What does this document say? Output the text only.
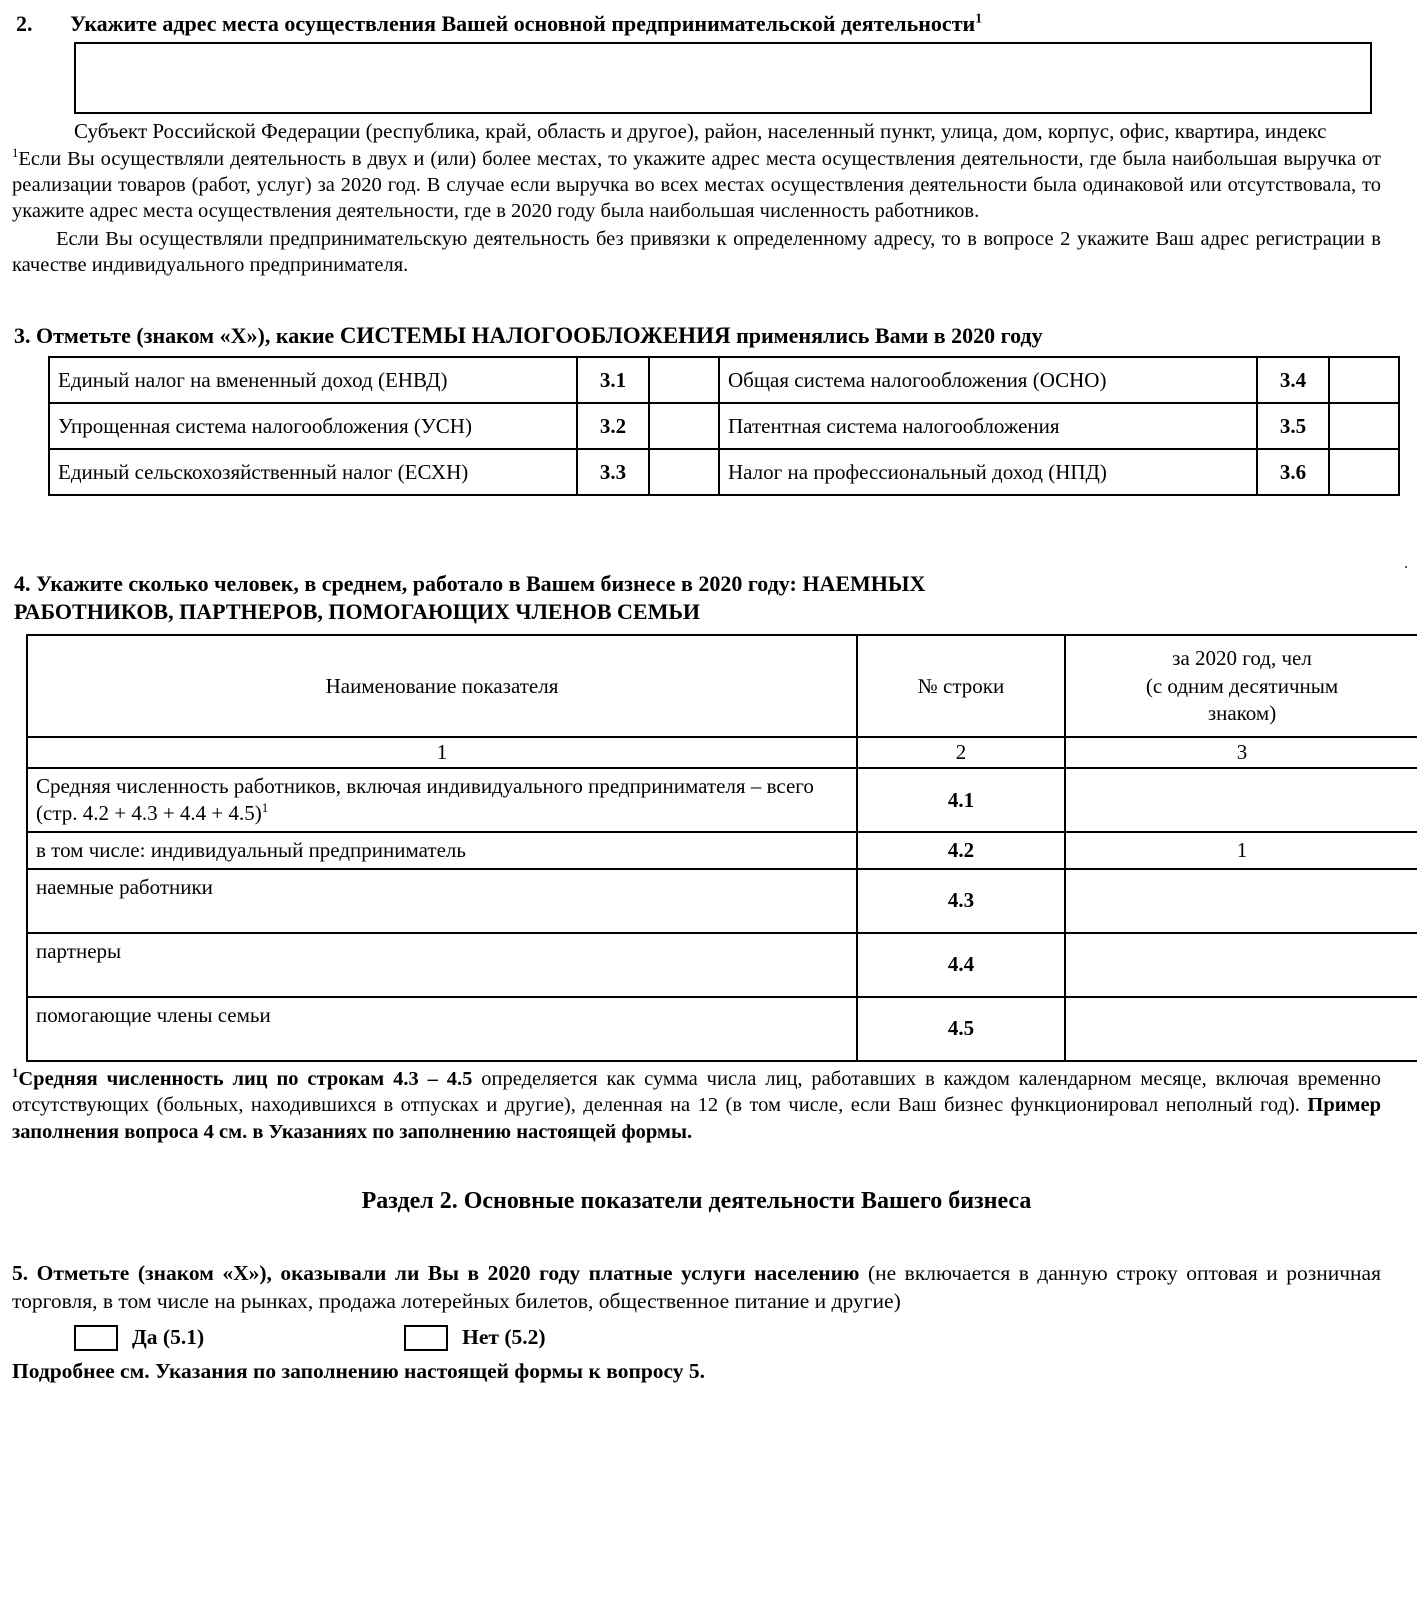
2.	Укажите адрес места осуществления Вашей основной предпринимательской деятельности$^1$
Субъект Российской Федерации (республика, край, область и другое), район, населенный пункт, улица, дом, корпус, офис, квартира, индекс
$^1$Если Вы осуществляли деятельность в двух и (или) более местах, то укажите адрес места осуществления деятельности, где была наибольшая выручка от реализации товаров (работ, услуг) за 2020 год. В случае если выручка во всех местах осуществления деятельности была одинаковой или отсутствовала, то укажите адрес места осуществления деятельности, где в 2020 году была наибольшая численность работников.
Если Вы осуществляли предпринимательскую деятельность без привязки к определенному адресу, то в вопросе 2 укажите Ваш адрес регистрации в качестве индивидуального предпринимателя.
3. Отметьте (знаком «Х»), какие СИСТЕМЫ НАЛОГООБЛОЖЕНИЯ применялись Вами в 2020 году
Единый налог на вмененный доход (ЕНВД)	3.1		Общая система налогообложения (ОСНО)	3.4	
Упрощенная система налогообложения (УСН)	3.2		Патентная система налогообложения	3.5	
Единый сельскохозяйственный налог (ЕСХН)	3.3		Налог на профессиональный доход (НПД)	3.6	
·
4. Укажите сколько человек, в среднем, работало в Вашем бизнесе в 2020 году: НАЕМНЫХ
РАБОТНИКОВ, ПАРТНЕРОВ, ПОМОГАЮЩИХ ЧЛЕНОВ СЕМЬИ
Наименование показателя	№ строки	за 2020 год, чел
(с одним десятичным
знаком)
1	2	3
Средняя численность работников, включая индивидуального предпринимателя – всего (стр. 4.2 + 4.3 + 4.4 + 4.5)$^1$	4.1	
в том числе: индивидуальный предприниматель	4.2	1
наемные работники	4.3	
партнеры	4.4	
помогающие члены семьи	4.5	
$^1$Средняя численность лиц по строкам 4.3 – 4.5 определяется как сумма числа лиц, работавших в каждом календарном месяце, включая временно отсутствующих (больных, находившихся в отпусках и другие), деленная на 12 (в том числе, если Ваш бизнес функционировал неполный год). Пример заполнения вопроса 4 см. в Указаниях по заполнению настоящей формы.
Раздел 2. Основные показатели деятельности Вашего бизнеса
5. Отметьте (знаком «Х»), оказывали ли Вы в 2020 году платные услуги населению (не включается в данную строку оптовая и розничная торговля, в том числе на рынках, продажа лотерейных билетов, общественное питание и другие)
Да (5.1)	Нет (5.2)
Подробнее см. Указания по заполнению настоящей формы к вопросу 5.
